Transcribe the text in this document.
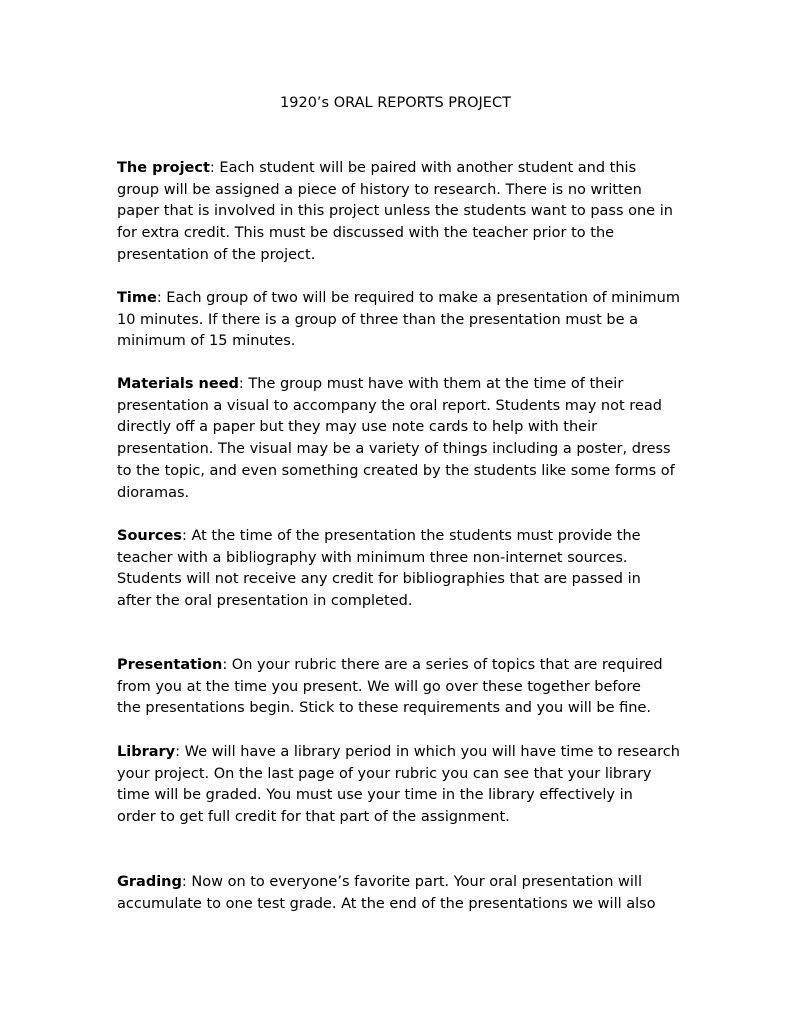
1920’s ORAL REPORTS PROJECT
The project: Each student will be paired with another student and this
group will be assigned a piece of history to research. There is no written
paper that is involved in this project unless the students want to pass one in
for extra credit. This must be discussed with the teacher prior to the
presentation of the project.
Time: Each group of two will be required to make a presentation of minimum
10 minutes. If there is a group of three than the presentation must be a
minimum of 15 minutes.
Materials need: The group must have with them at the time of their
presentation a visual to accompany the oral report. Students may not read
directly off a paper but they may use note cards to help with their
presentation. The visual may be a variety of things including a poster, dress
to the topic, and even something created by the students like some forms of
dioramas.
Sources: At the time of the presentation the students must provide the
teacher with a bibliography with minimum three non-internet sources.
Students will not receive any credit for bibliographies that are passed in
after the oral presentation in completed.
Presentation: On your rubric there are a series of topics that are required
from you at the time you present. We will go over these together before
the presentations begin. Stick to these requirements and you will be fine.
Library: We will have a library period in which you will have time to research
your project. On the last page of your rubric you can see that your library
time will be graded. You must use your time in the library effectively in
order to get full credit for that part of the assignment.
Grading: Now on to everyone’s favorite part. Your oral presentation will
accumulate to one test grade. At the end of the presentations we will also
